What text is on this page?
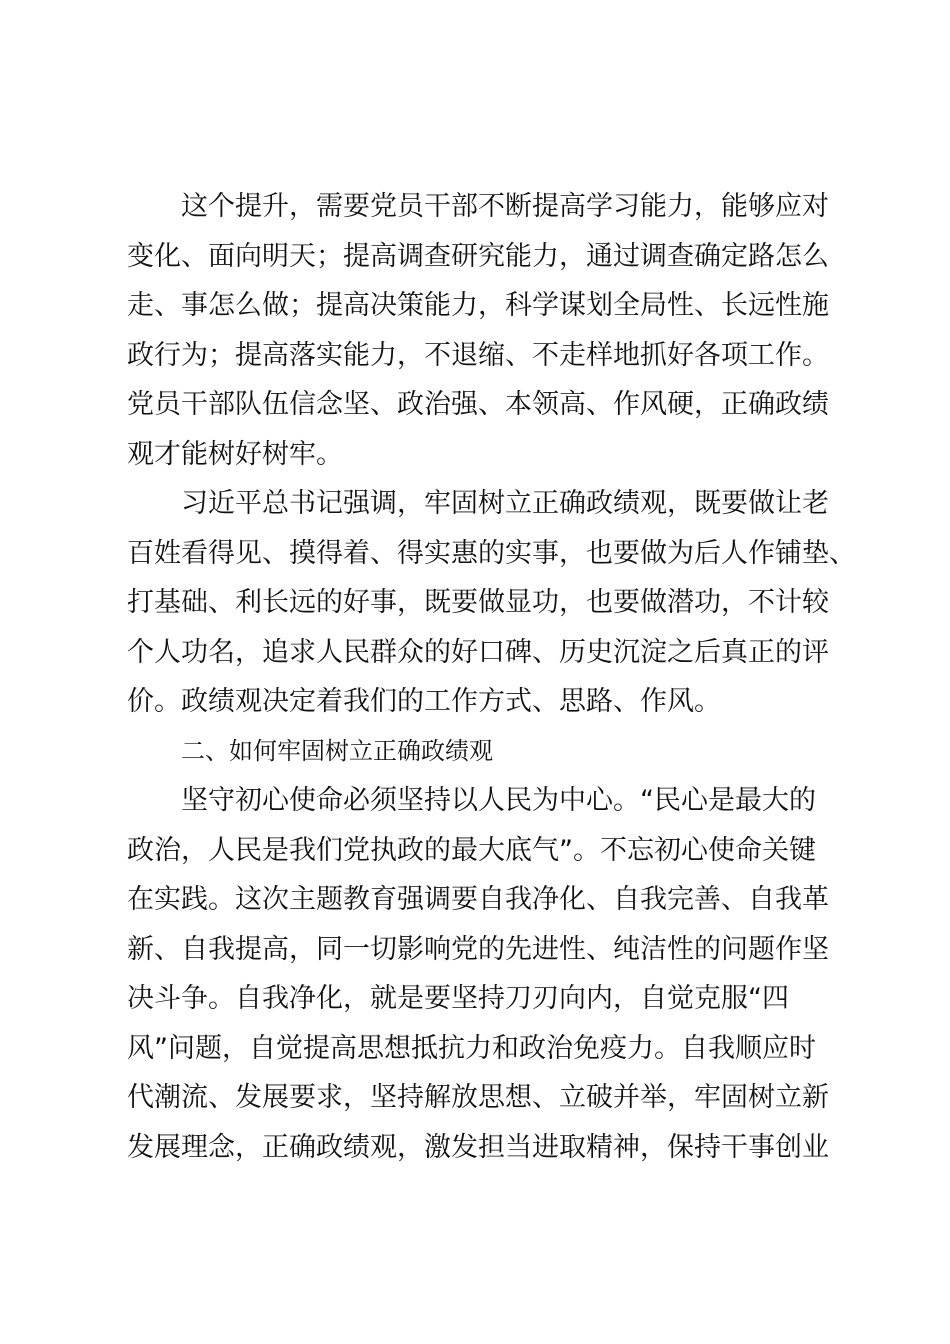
这个提升，需要党员干部不断提高学习能力，能够应对
变化、面向明天；提高调查研究能力，通过调查确定路怎么
走、事怎么做；提高决策能力，科学谋划全局性、长远性施
政行为；提高落实能力，不退缩、不走样地抓好各项工作。
党员干部队伍信念坚、政治强、本领高、作风硬，正确政绩
观才能树好树牢。
习近平总书记强调，牢固树立正确政绩观，既要做让老
百姓看得见、摸得着、得实惠的实事，也要做为后人作铺垫、
打基础、利长远的好事，既要做显功，也要做潜功，不计较
个人功名，追求人民群众的好口碑、历史沉淀之后真正的评
价。政绩观决定着我们的工作方式、思路、作风。
二、如何牢固树立正确政绩观
坚守初心使命必须坚持以人民为中心。“民心是最大的
政治，人民是我们党执政的最大底气”。不忘初心使命关键
在实践。这次主题教育强调要自我净化、自我完善、自我革
新、自我提高，同一切影响党的先进性、纯洁性的问题作坚
决斗争。自我净化，就是要坚持刀刃向内，自觉克服“四
风”问题，自觉提高思想抵抗力和政治免疫力。自我顺应时
代潮流、发展要求，坚持解放思想、立破并举，牢固树立新
发展理念，正确政绩观，激发担当进取精神，保持干事创业
